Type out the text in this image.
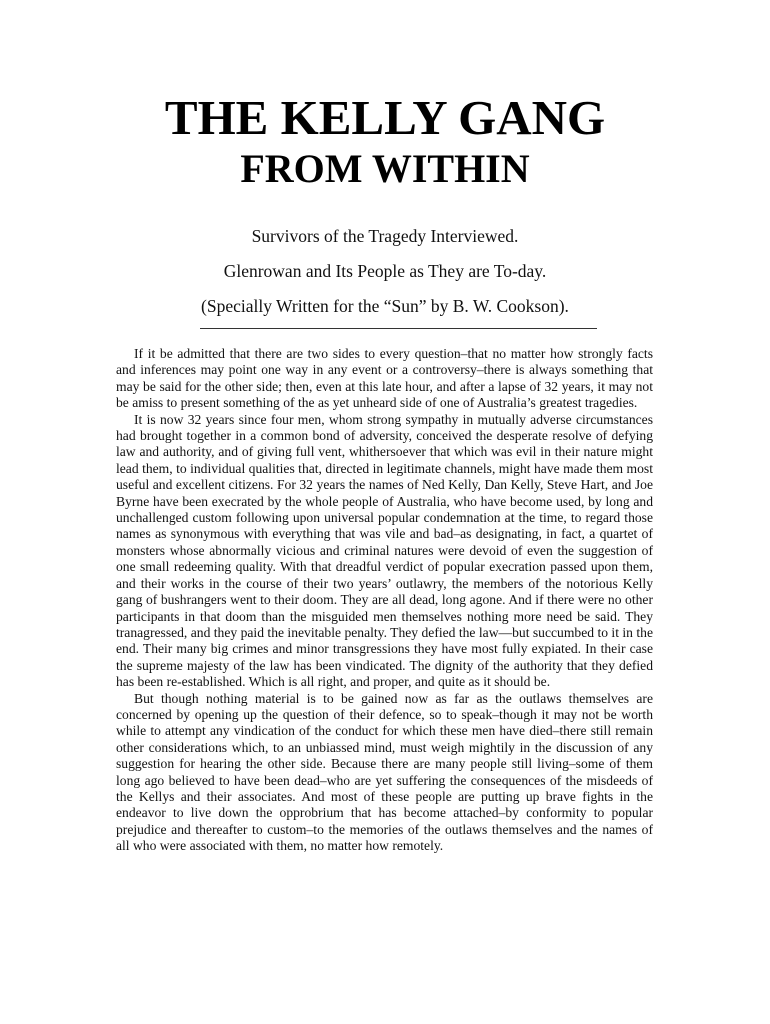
THE KELLY GANG
FROM WITHIN

Survivors of the Tragedy Interviewed.

Glenrowan and Its People as They are To-day.

(Specially Written for the “Sun” by B. W. Cookson).

If it be admitted that there are two sides to every question–that no matter how strongly facts and inferences may point one way in any event or a controversy–there is always something that may be said for the other side; then, even at this late hour, and after a lapse of 32 years, it may not be amiss to present something of the as yet unheard side of one of Australia’s greatest tragedies.

It is now 32 years since four men, whom strong sympathy in mutually adverse circumstances had brought together in a common bond of adversity, conceived the desperate resolve of defying law and authority, and of giving full vent, whithersoever that which was evil in their nature might lead them, to individual qualities that, directed in legitimate channels, might have made them most useful and excellent citizens. For 32 years the names of Ned Kelly, Dan Kelly, Steve Hart, and Joe Byrne have been execrated by the whole people of Australia, who have become used, by long and unchallenged custom following upon universal popular condemnation at the time, to regard those names as synonymous with everything that was vile and bad–as designating, in fact, a quartet of monsters whose abnormally vicious and criminal natures were devoid of even the suggestion of one small redeeming quality. With that dreadful verdict of popular execration passed upon them, and their works in the course of their two years’ outlawry, the members of the notorious Kelly gang of bushrangers went to their doom. They are all dead, long agone. And if there were no other participants in that doom than the misguided men themselves nothing more need be said. They tranagressed, and they paid the inevitable penalty. They defied the law—but succumbed to it in the end. Their many big crimes and minor transgressions they have most fully expiated. In their case the supreme majesty of the law has been vindicated. The dignity of the authority that they defied has been re-established. Which is all right, and proper, and quite as it should be.

But though nothing material is to be gained now as far as the outlaws themselves are concerned by opening up the question of their defence, so to speak–though it may not be worth while to attempt any vindication of the conduct for which these men have died–there still remain other considerations which, to an unbiassed mind, must weigh mightily in the discussion of any suggestion for hearing the other side. Because there are many people still living–some of them long ago believed to have been dead–who are yet suffering the consequences of the misdeeds of the Kellys and their associates. And most of these people are putting up brave fights in the endeavor to live down the opprobrium that has become attached–by conformity to popular prejudice and thereafter to custom–to the memories of the outlaws themselves and the names of all who were associated with them, no matter how remotely.
